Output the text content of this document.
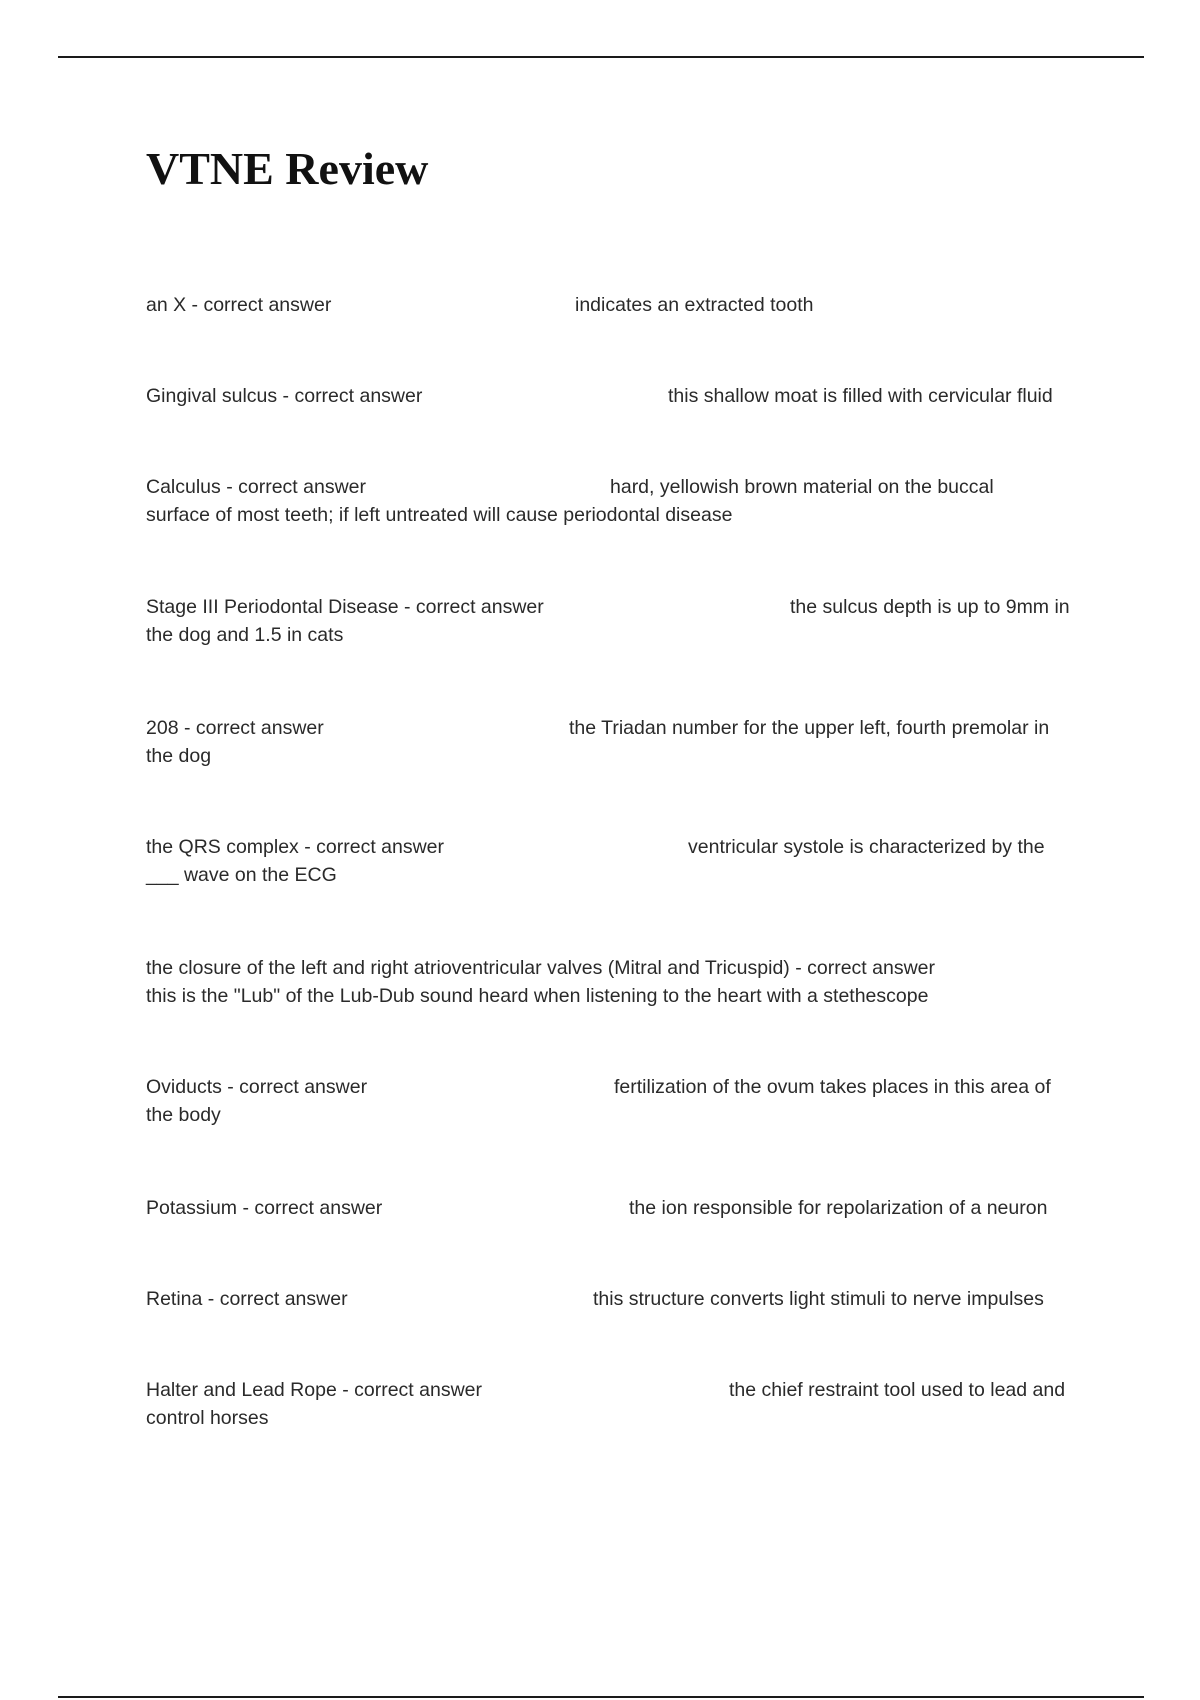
VTNE Review
an X - correct answer	indicates an extracted tooth
Gingival sulcus - correct answer	this shallow moat is filled with cervicular fluid
Calculus - correct answer	hard, yellowish brown material on the buccal
surface of most teeth; if left untreated will cause periodontal disease
Stage III Periodontal Disease - correct answer	the sulcus depth is up to 9mm in
the dog and 1.5 in cats
208 - correct answer	the Triadan number for the upper left, fourth premolar in
the dog
the QRS complex - correct answer	ventricular systole is characterized by the
___ wave on the ECG
the closure of the left and right atrioventricular valves (Mitral and Tricuspid) - correct answer
this is the "Lub" of the Lub-Dub sound heard when listening to the heart with a stethescope
Oviducts - correct answer	fertilization of the ovum takes places in this area of
the body
Potassium - correct answer	the ion responsible for repolarization of a neuron
Retina - correct answer	this structure converts light stimuli to nerve impulses
Halter and Lead Rope - correct answer	the chief restraint tool used to lead and
control horses
